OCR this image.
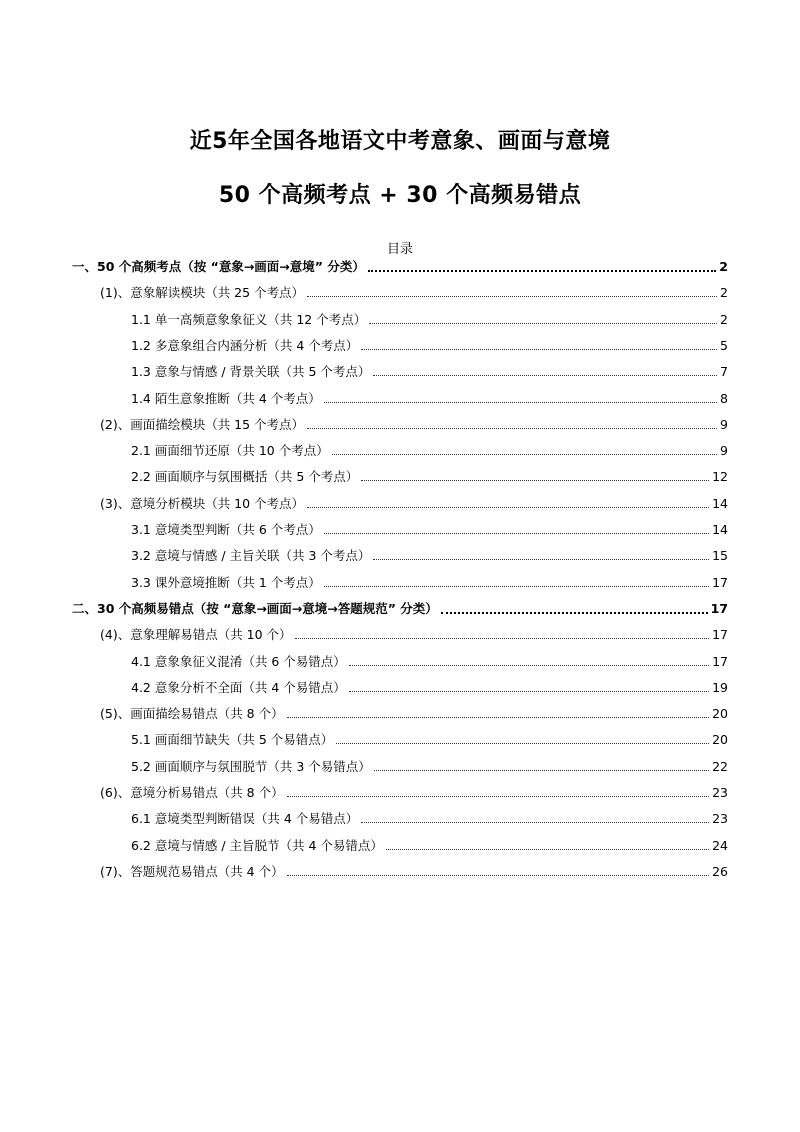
近5年全国各地语文中考意象、画面与意境
50 个高频考点 + 30 个高频易错点
目录
一、50 个高频考点（按 “意象→画面→意境” 分类）	2
(1)、意象解读模块（共 25 个考点）	2
1.1 单一高频意象象征义（共 12 个考点）	2
1.2 多意象组合内涵分析（共 4 个考点）	5
1.3 意象与情感 / 背景关联（共 5 个考点）	7
1.4 陌生意象推断（共 4 个考点）	8
(2)、画面描绘模块（共 15 个考点）	9
2.1 画面细节还原（共 10 个考点）	9
2.2 画面顺序与氛围概括（共 5 个考点）	12
(3)、意境分析模块（共 10 个考点）	14
3.1 意境类型判断（共 6 个考点）	14
3.2 意境与情感 / 主旨关联（共 3 个考点）	15
3.3 课外意境推断（共 1 个考点）	17
二、30 个高频易错点（按 “意象→画面→意境→答题规范” 分类）	17
(4)、意象理解易错点（共 10 个）	17
4.1 意象象征义混淆（共 6 个易错点）	17
4.2 意象分析不全面（共 4 个易错点）	19
(5)、画面描绘易错点（共 8 个）	20
5.1 画面细节缺失（共 5 个易错点）	20
5.2 画面顺序与氛围脱节（共 3 个易错点）	22
(6)、意境分析易错点（共 8 个）	23
6.1 意境类型判断错误（共 4 个易错点）	23
6.2 意境与情感 / 主旨脱节（共 4 个易错点）	24
(7)、答题规范易错点（共 4 个）	26
